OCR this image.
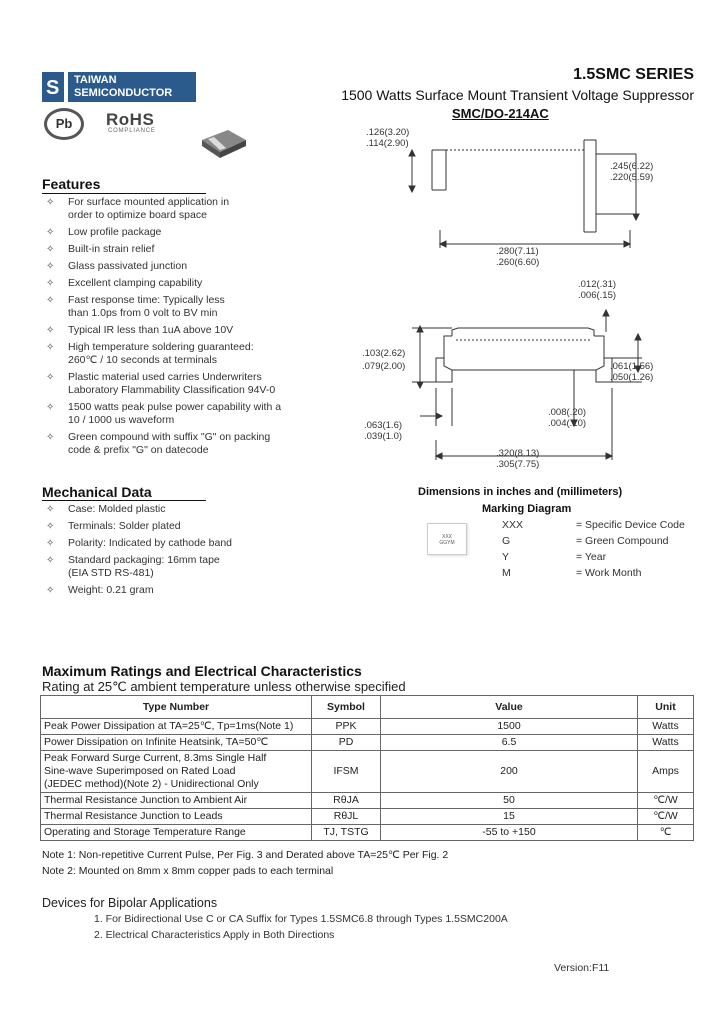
S TAIWAN
SEMICONDUCTOR
Pb	RoHS
COMPLIANCE
1.5SMC SERIES
1500 Watts Surface Mount Transient Voltage Suppressor
SMC/DO-214AC
Features
✧ For surface mounted application in
order to optimize board space
✧ Low profile package
✧ Built-in strain relief
✧ Glass passivated junction
✧ Excellent clamping capability
✧ Fast response time: Typically less
than 1.0ps from 0 volt to BV min
✧ Typical IR less than 1uA above 10V
✧ High temperature soldering guaranteed:
260℃ / 10 seconds at terminals
✧ Plastic material used carries Underwriters
Laboratory Flammability Classification 94V-0
✧ 1500 watts peak pulse power capability with a
10 / 1000 us waveform
✧ Green compound with suffix "G" on packing
code & prefix "G" on datecode
Mechanical Data
✧ Case: Molded plastic
✧ Terminals: Solder plated
✧ Polarity: Indicated by cathode band
✧ Standard packaging: 16mm tape
(EIA STD RS-481)
✧ Weight: 0.21 gram
.126(3.20)
.114(2.90)
.245(6.22)
.220(5.59)
.280(7.11)
.260(6.60)
.012(.31)
.006(.15)
.103(2.62)
.079(2.00)	.061(1.56)
.050(1.26)
.008(.20)
.004(.10)
.063(1.6)
.039(1.0)
.320(8.13)
.305(7.75)
Dimensions in inches and (millimeters)
Marking Diagram
XXX
GGYM
XXX	= Specific Device Code
G	= Green Compound
Y	= Year
M	= Work Month
Maximum Ratings and Electrical Characteristics
Rating at 25℃ ambient temperature unless otherwise specified
Type Number	Symbol	Value	Unit
Peak Power Dissipation at TA=25℃, Tp=1ms(Note 1)	PPK	1500	Watts
Power Dissipation on Infinite Heatsink, TA=50℃	PD	6.5	Watts
Peak Forward Surge Current, 8.3ms Single Half
Sine-wave Superimposed on Rated Load
(JEDEC method)(Note 2) - Unidirectional Only	IFSM	200	Amps
Thermal Resistance Junction to Ambient Air	RθJA	50	℃/W
Thermal Resistance Junction to Leads	RθJL	15	℃/W
Operating and Storage Temperature Range	TJ, TSTG	-55 to +150	℃
Note 1: Non-repetitive Current Pulse, Per Fig. 3 and Derated above TA=25℃ Per Fig. 2
Note 2: Mounted on 8mm x 8mm copper pads to each terminal
Devices for Bipolar Applications
1. For Bidirectional Use C or CA Suffix for Types 1.5SMC6.8 through Types 1.5SMC200A
2. Electrical Characteristics Apply in Both Directions
Version:F11
